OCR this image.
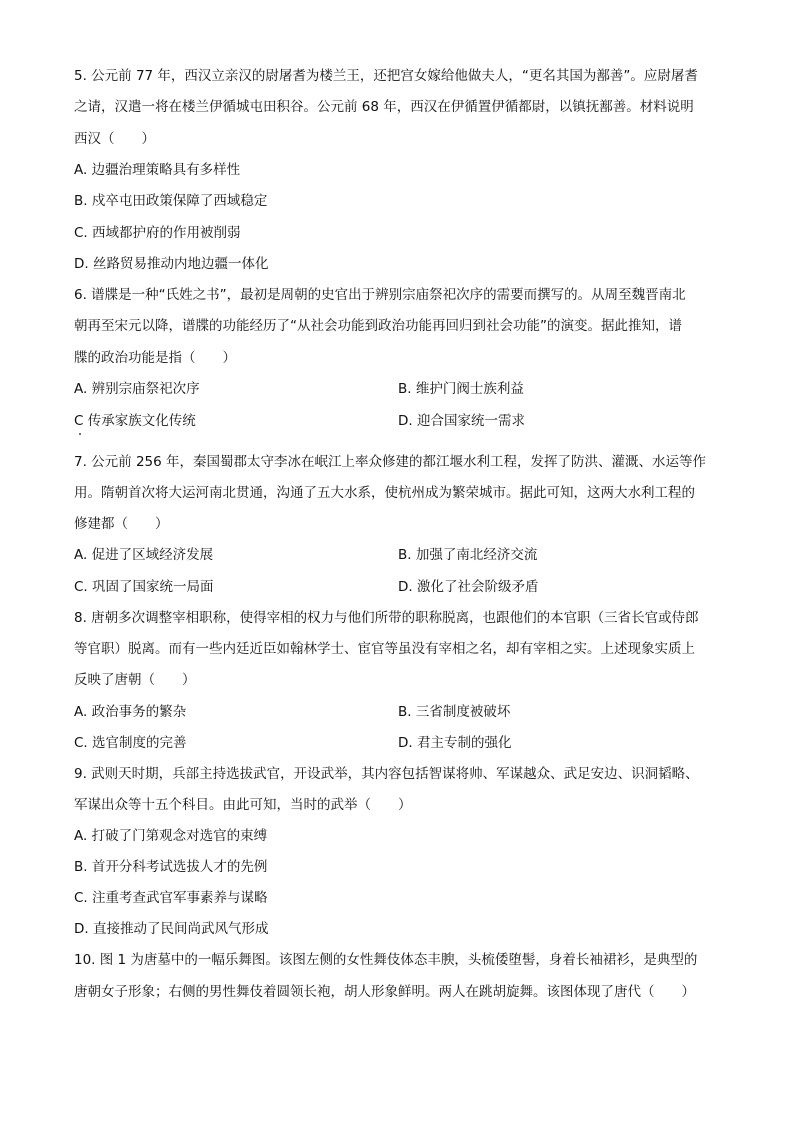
5. 公元前 77 年，西汉立亲汉的尉屠耆为楼兰王，还把宫女嫁给他做夫人，“更名其国为鄯善”。应尉屠耆
之请，汉遣一将在楼兰伊循城屯田积谷。公元前 68 年，西汉在伊循置伊循都尉，以镇抚鄯善。材料说明
西汉（　　）
A. 边疆治理策略具有多样性
B. 戍卒屯田政策保障了西域稳定
C. 西域都护府的作用被削弱
D. 丝路贸易推动内地边疆一体化
6. 谱牒是一种“氏姓之书”，最初是周朝的史官出于辨别宗庙祭祀次序的需要而撰写的。从周至魏晋南北
朝再至宋元以降，谱牒的功能经历了“从社会功能到政治功能再回归到社会功能”的演变。据此推知，谱
牒的政治功能是指（　　）
A. 辨别宗庙祭祀次序	B. 维护门阀士族利益
C 传承家族文化传统	D. 迎合国家统一需求
7. 公元前 256 年，秦国蜀郡太守李冰在岷江上率众修建的都江堰水利工程，发挥了防洪、灌溉、水运等作
用。隋朝首次将大运河南北贯通，沟通了五大水系，使杭州成为繁荣城市。据此可知，这两大水利工程的
修建都（　　）
A. 促进了区域经济发展	B. 加强了南北经济交流
C. 巩固了国家统一局面	D. 激化了社会阶级矛盾
8. 唐朝多次调整宰相职称，使得宰相的权力与他们所带的职称脱离，也跟他们的本官职（三省长官或侍郎
等官职）脱离。而有一些内廷近臣如翰林学士、宦官等虽没有宰相之名，却有宰相之实。上述现象实质上
反映了唐朝（　　）
A. 政治事务的繁杂	B. 三省制度被破坏
C. 选官制度的完善	D. 君主专制的强化
9. 武则天时期，兵部主持选拔武官，开设武举，其内容包括智谋将帅、军谋越众、武足安边、识洞韬略、
军谋出众等十五个科目。由此可知，当时的武举（　　）
A. 打破了门第观念对选官的束缚
B. 首开分科考试选拔人才的先例
C. 注重考查武官军事素养与谋略
D. 直接推动了民间尚武风气形成
10. 图 1 为唐墓中的一幅乐舞图。该图左侧的女性舞伎体态丰腴，头梳倭堕髻，身着长袖裙衫，是典型的
唐朝女子形象；右侧的男性舞伎着圆领长袍，胡人形象鲜明。两人在跳胡旋舞。该图体现了唐代（　　）
